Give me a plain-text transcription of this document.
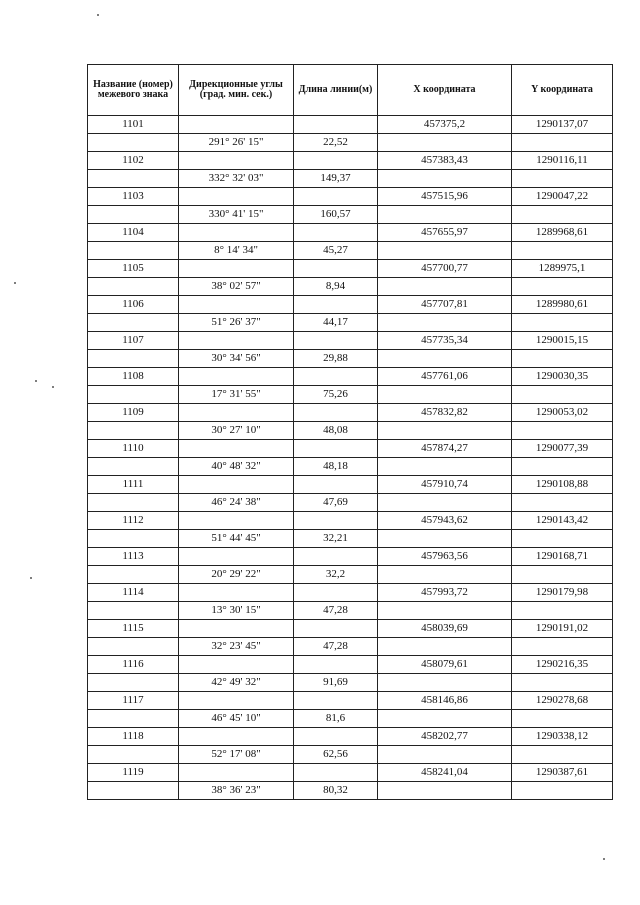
Название (номер) межевого знака	Дирекционные углы (град. мин. сек.)	Длина линии(м)	X координата	Y координата
1101			457375,2	1290137,07
	291° 26' 15"	22,52		
1102			457383,43	1290116,11
	332° 32' 03"	149,37		
1103			457515,96	1290047,22
	330° 41' 15"	160,57		
1104			457655,97	1289968,61
	8° 14' 34"	45,27		
1105			457700,77	1289975,1
	38° 02' 57"	8,94		
1106			457707,81	1289980,61
	51° 26' 37"	44,17		
1107			457735,34	1290015,15
	30° 34' 56"	29,88		
1108			457761,06	1290030,35
	17° 31' 55"	75,26		
1109			457832,82	1290053,02
	30° 27' 10"	48,08		
1110			457874,27	1290077,39
	40° 48' 32"	48,18		
1111			457910,74	1290108,88
	46° 24' 38"	47,69		
1112			457943,62	1290143,42
	51° 44' 45"	32,21		
1113			457963,56	1290168,71
	20° 29' 22"	32,2		
1114			457993,72	1290179,98
	13° 30' 15"	47,28		
1115			458039,69	1290191,02
	32° 23' 45"	47,28		
1116			458079,61	1290216,35
	42° 49' 32"	91,69		
1117			458146,86	1290278,68
	46° 45' 10"	81,6		
1118			458202,77	1290338,12
	52° 17' 08"	62,56		
1119			458241,04	1290387,61
	38° 36' 23"	80,32		
